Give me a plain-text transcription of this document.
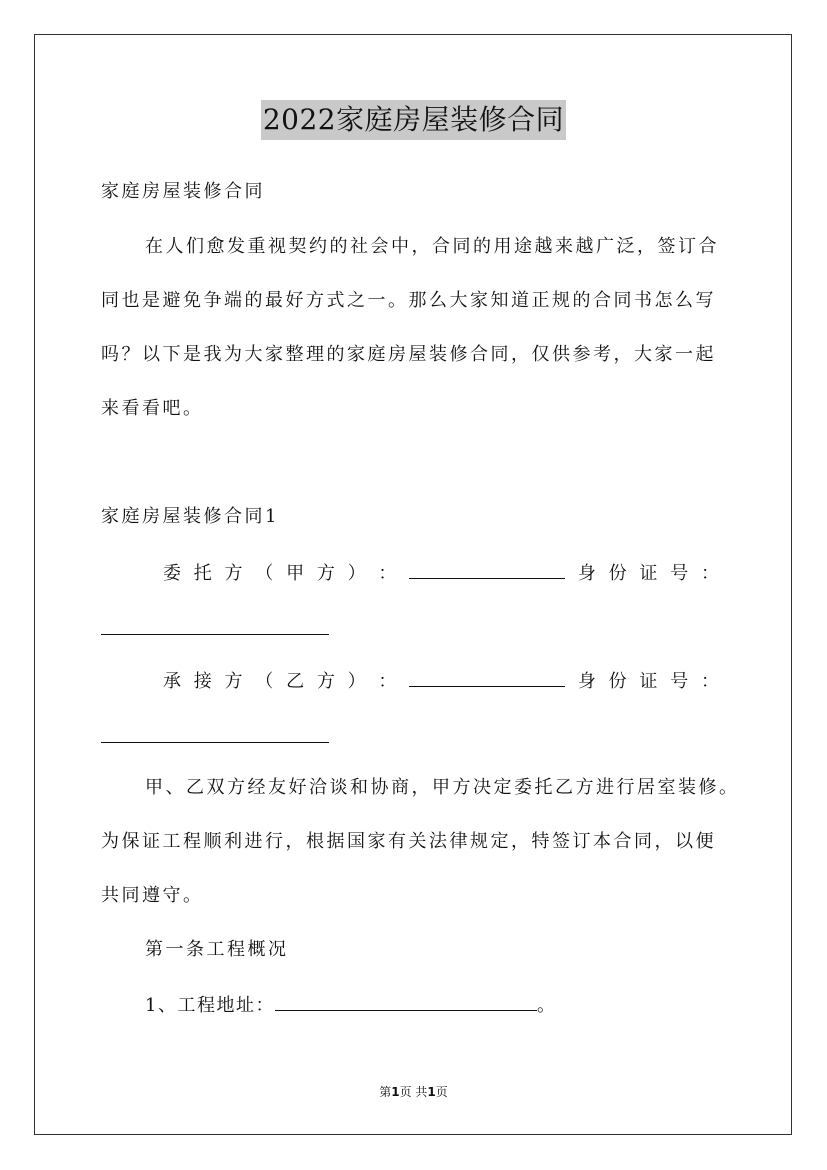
2022家庭房屋装修合同
家庭房屋装修合同
在人们愈发重视契约的社会中，合同的用途越来越广泛，签订合
同也是避免争端的最好方式之一。那么大家知道正规的合同书怎么写
吗？以下是我为大家整理的家庭房屋装修合同，仅供参考，大家一起
来看看吧。
家庭房屋装修合同1
委 托 方 （ 甲 方 ） ：	身 份 证 号 ：
承 接 方 （ 乙 方 ） ：	身 份 证 号 ：
甲、乙双方经友好洽谈和协商，甲方决定委托乙方进行居室装修。
为保证工程顺利进行，根据国家有关法律规定，特签订本合同，以便
共同遵守。
第一条工程概况
1、工程地址：	。
第1页 共1页
